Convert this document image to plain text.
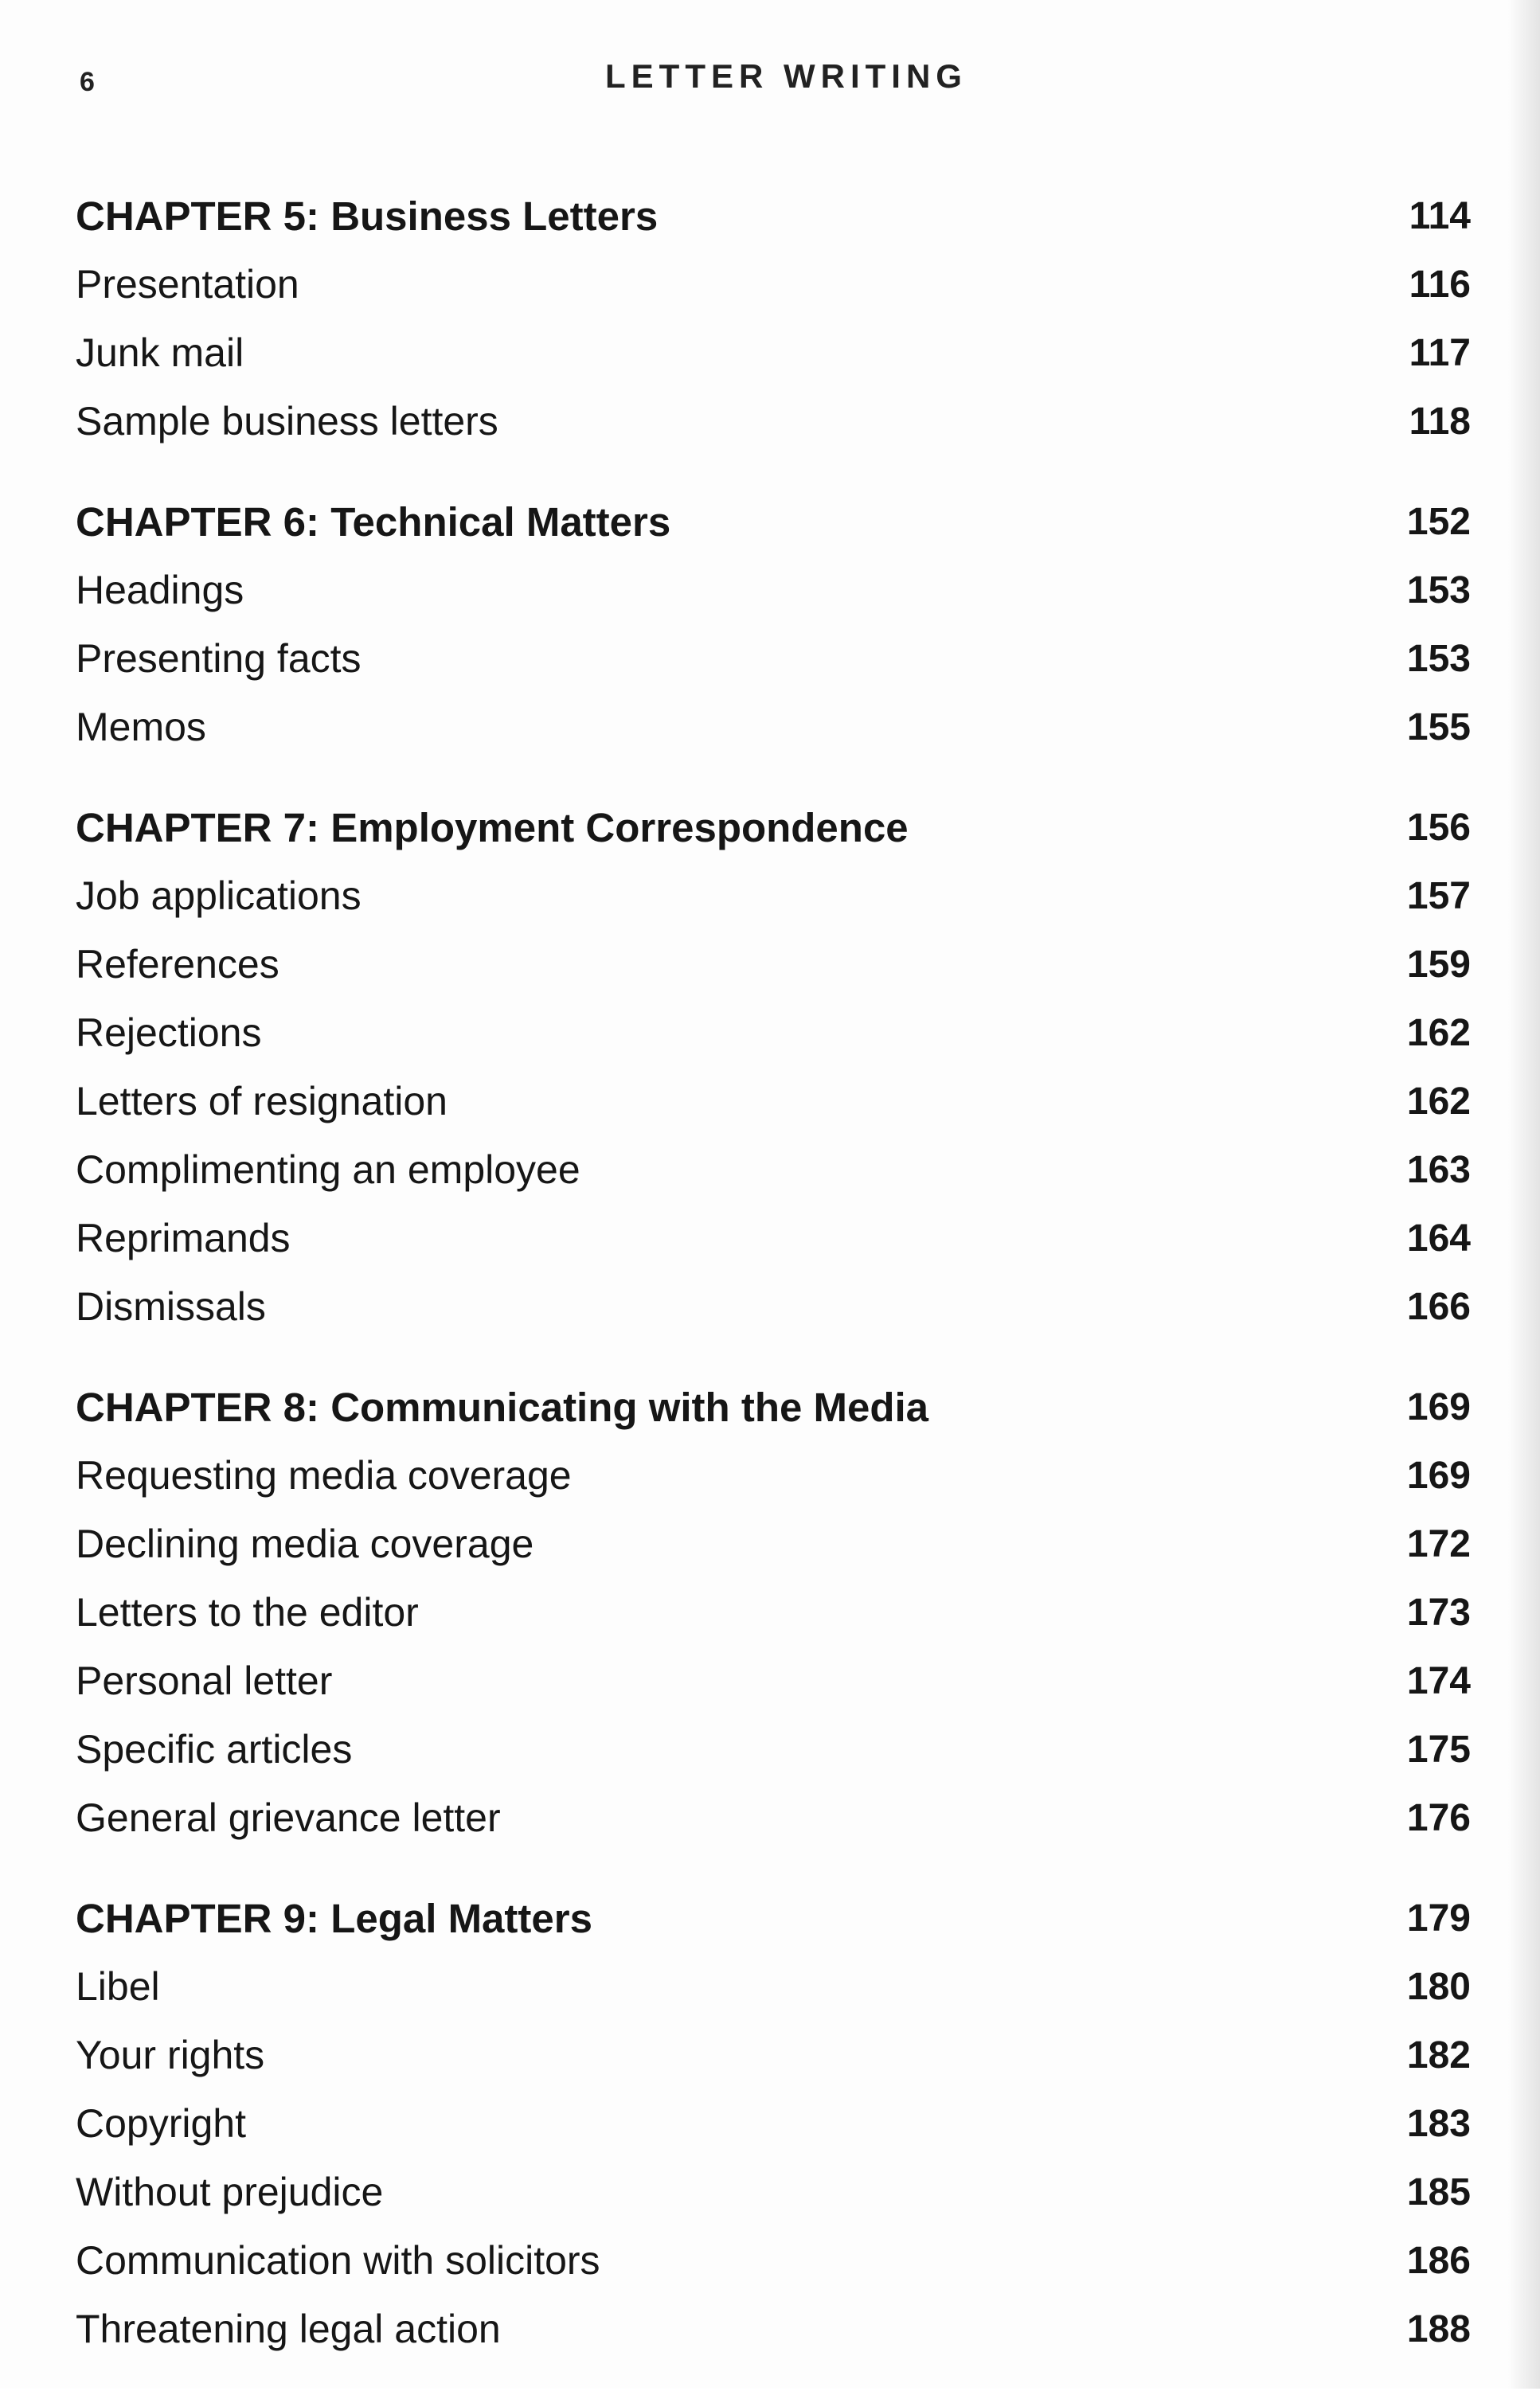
6	LETTER WRITING
CHAPTER 5: Business Letters	114
Presentation	116
Junk mail	117
Sample business letters	118
CHAPTER 6: Technical Matters	152
Headings	153
Presenting facts	153
Memos	155
CHAPTER 7: Employment Correspondence	156
Job applications	157
References	159
Rejections	162
Letters of resignation	162
Complimenting an employee	163
Reprimands	164
Dismissals	166
CHAPTER 8: Communicating with the Media	169
Requesting media coverage	169
Declining media coverage	172
Letters to the editor	173
Personal letter	174
Specific articles	175
General grievance letter	176
CHAPTER 9: Legal Matters	179
Libel	180
Your rights	182
Copyright	183
Without prejudice	185
Communication with solicitors	186
Threatening legal action	188
